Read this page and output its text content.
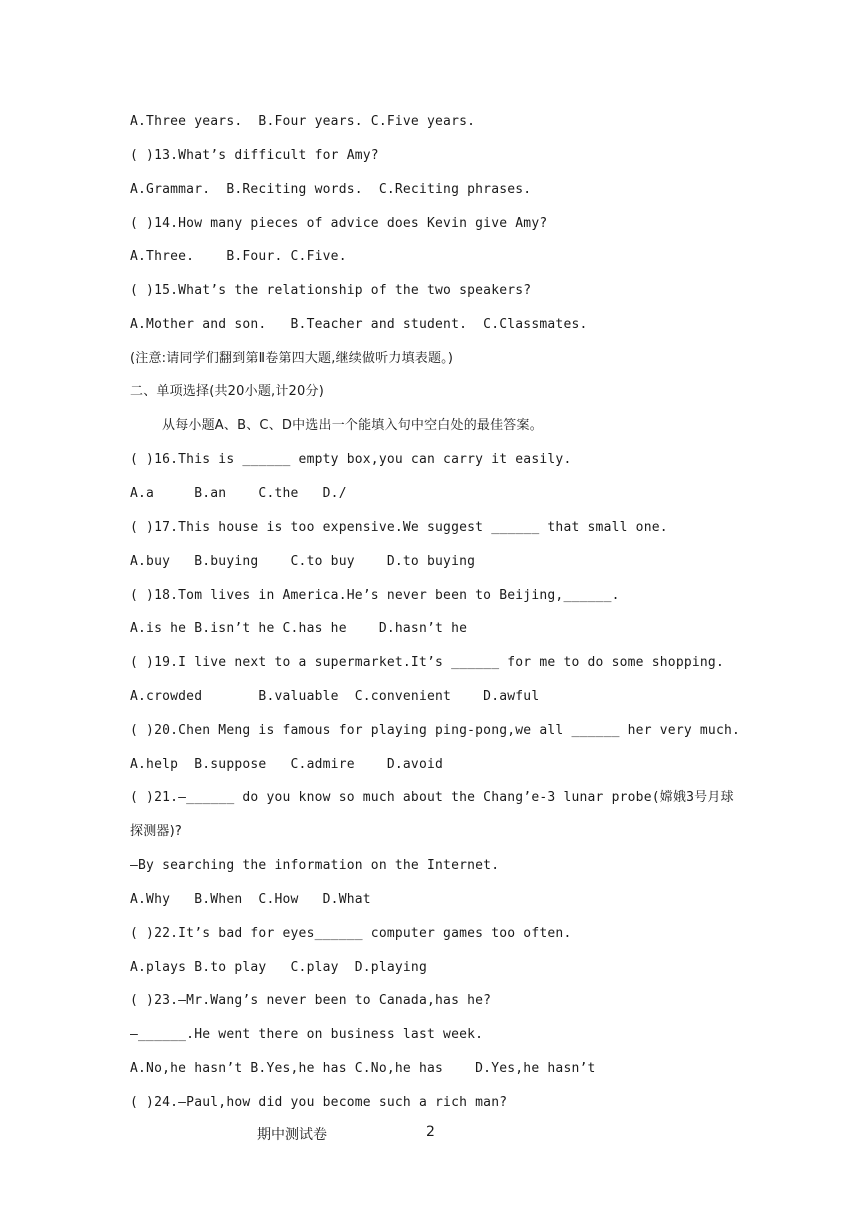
A.Three years.  B.Four years. C.Five years.
( )13.What’s difficult for Amy?
A.Grammar.  B.Reciting words.  C.Reciting phrases.
( )14.How many pieces of advice does Kevin give Amy?
A.Three.    B.Four. C.Five.
( )15.What’s the relationship of the two speakers?
A.Mother and son.   B.Teacher and student.  C.Classmates.
(注意:请同学们翻到第Ⅱ卷第四大题,继续做听力填表题。)
二、单项选择(共20小题,计20分)
从每小题A、B、C、D中选出一个能填入句中空白处的最佳答案。
( )16.This is ______ empty box,you can carry it easily.
A.a     B.an    C.the   D./
( )17.This house is too expensive.We suggest ______ that small one.
A.buy   B.buying    C.to buy    D.to buying
( )18.Tom lives in America.He’s never been to Beijing,______.
A.is he B.isn’t he C.has he    D.hasn’t he
( )19.I live next to a supermarket.It’s ______ for me to do some shopping.
A.crowded       B.valuable  C.convenient    D.awful
( )20.Chen Meng is famous for playing ping-pong,we all ______ her very much.
A.help  B.suppose   C.admire    D.avoid
( )21.—______ do you know so much about the Chang’e-3 lunar probe(嫦娥3号月球
探测器)?
—By searching the information on the Internet.
A.Why   B.When  C.How   D.What
( )22.It’s bad for eyes______ computer games too often.
A.plays B.to play   C.play  D.playing
( )23.—Mr.Wang’s never been to Canada,has he?
—______.He went there on business last week.
A.No,he hasn’t B.Yes,he has C.No,he has    D.Yes,he hasn’t
( )24.—Paul,how did you become such a rich man?
期中测试卷	2
